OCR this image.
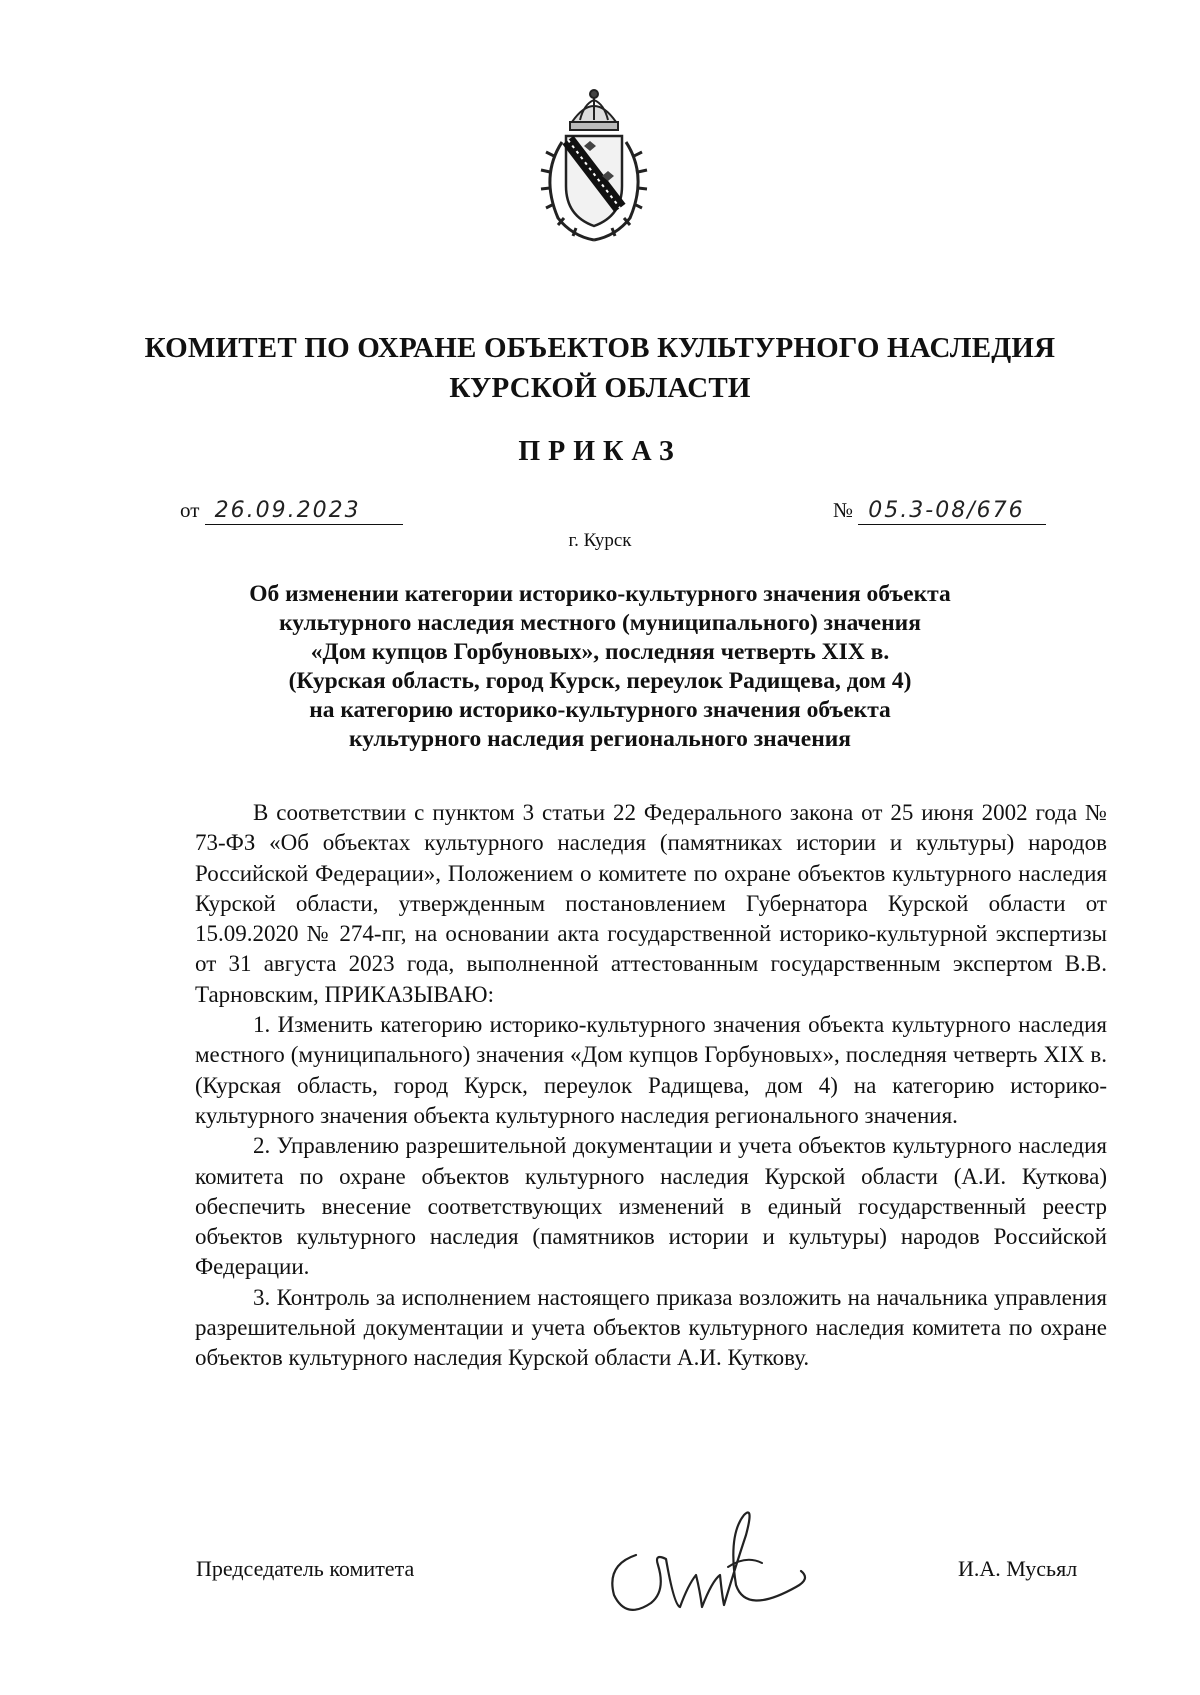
КОМИТЕТ ПО ОХРАНЕ ОБЪЕКТОВ КУЛЬТУРНОГО НАСЛЕДИЯ
КУРСКОЙ ОБЛАСТИ
ПРИКАЗ
от 26.09.2023	№ 05.3-08/676
г. Курск
Об изменении категории историко-культурного значения объекта
культурного наследия местного (муниципального) значения
«Дом купцов Горбуновых», последняя четверть XIX в.
(Курская область, город Курск, переулок Радищева, дом 4)
на категорию историко-культурного значения объекта
культурного наследия регионального значения

В соответствии с пунктом 3 статьи 22 Федерального закона от 25 июня 2002 года № 73-ФЗ «Об объектах культурного наследия (памятниках истории и культуры) народов Российской Федерации», Положением о комитете по охране объектов культурного наследия Курской области, утвержденным постановлением Губернатора Курской области от 15.09.2020 № 274-пг, на основании акта государственной историко-культурной экспертизы от 31 августа 2023 года, выполненной аттестованным государственным экспертом В.В. Тарновским, ПРИКАЗЫВАЮ:

1. Изменить категорию историко-культурного значения объекта культурного наследия местного (муниципального) значения «Дом купцов Горбуновых», последняя четверть XIX в. (Курская область, город Курск, переулок Радищева, дом 4) на категорию историко-культурного значения объекта культурного наследия регионального значения.

2. Управлению разрешительной документации и учета объектов культурного наследия комитета по охране объектов культурного наследия Курской области (А.И. Куткова) обеспечить внесение соответствующих изменений в единый государственный реестр объектов культурного наследия (памятников истории и культуры) народов Российской Федерации.

3. Контроль за исполнением настоящего приказа возложить на начальника управления разрешительной документации и учета объектов культурного наследия комитета по охране объектов культурного наследия Курской области А.И. Куткову.

Председатель комитета	И.А. Мусьял
